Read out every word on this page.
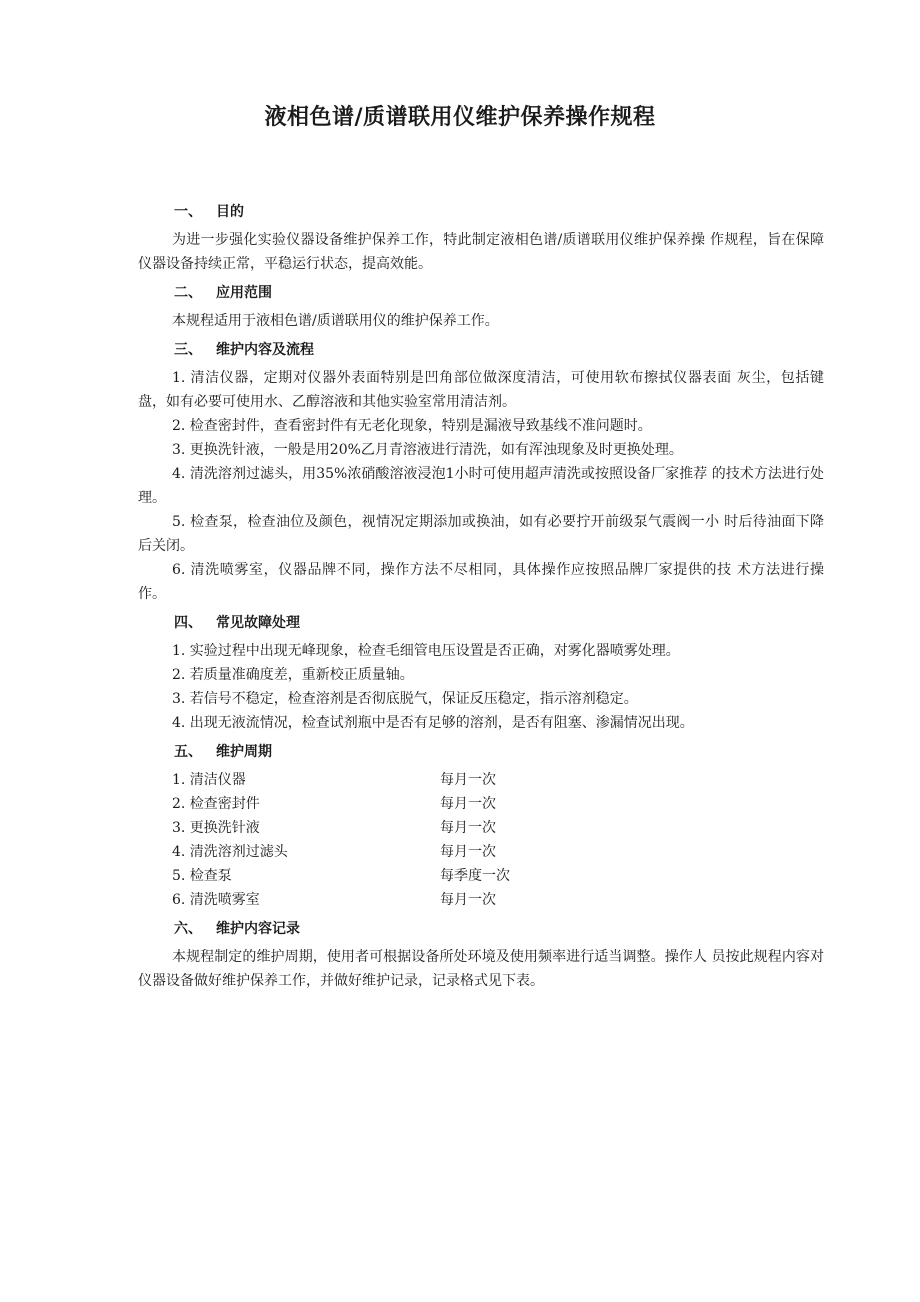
液相色谱/质谱联用仪维护保养操作规程
一、 目的

为进一步强化实验仪器设备维护保养工作，特此制定液相色谱/质谱联用仪维护保养操 作规程，旨在保障仪器设备持续正常，平稳运行状态，提高效能。

二、 应用范围

本规程适用于液相色谱/质谱联用仪的维护保养工作。

三、 维护内容及流程

1. 清洁仪器，定期对仪器外表面特别是凹角部位做深度清洁，可使用软布擦拭仪器表面 灰尘，包括键盘，如有必要可使用水、乙醇溶液和其他实验室常用清洁剂。

2. 检查密封件，查看密封件有无老化现象，特别是漏液导致基线不准问题时。

3. 更换洗针液，一般是用20%乙月青溶液进行清洗，如有浑浊现象及时更换处理。

4. 清洗溶剂过滤头，用35%浓硝酸溶液浸泡1小时可使用超声清洗或按照设备厂家推荐 的技术方法进行处理。

5. 检查泵，检查油位及颜色，视情况定期添加或换油，如有必要拧开前级泵气震阀一小 时后待油面下降后关闭。

6. 清洗喷雾室，仪器品牌不同，操作方法不尽相同，具体操作应按照品牌厂家提供的技 术方法进行操作。

四、 常见故障处理

1. 实验过程中出现无峰现象，检查毛细管电压设置是否正确，对雾化器喷雾处理。

2. 若质量准确度差，重新校正质量轴。

3. 若信号不稳定，检查溶剂是否彻底脱气，保证反压稳定，指示溶剂稳定。

4. 出现无液流情况，检查试剂瓶中是否有足够的溶剂，是否有阻塞、渗漏情况出现。

五、 维护周期
1. 清洁仪器	每月一次
2. 检查密封件	每月一次
3. 更换洗针液	每月一次
4. 清洗溶剂过滤头	每月一次
5. 检查泵	每季度一次
6. 清洗喷雾室	每月一次
六、 维护内容记录

本规程制定的维护周期，使用者可根据设备所处环境及使用频率进行适当调整。操作人 员按此规程内容对仪器设备做好维护保养工作，并做好维护记录，记录格式见下表。
